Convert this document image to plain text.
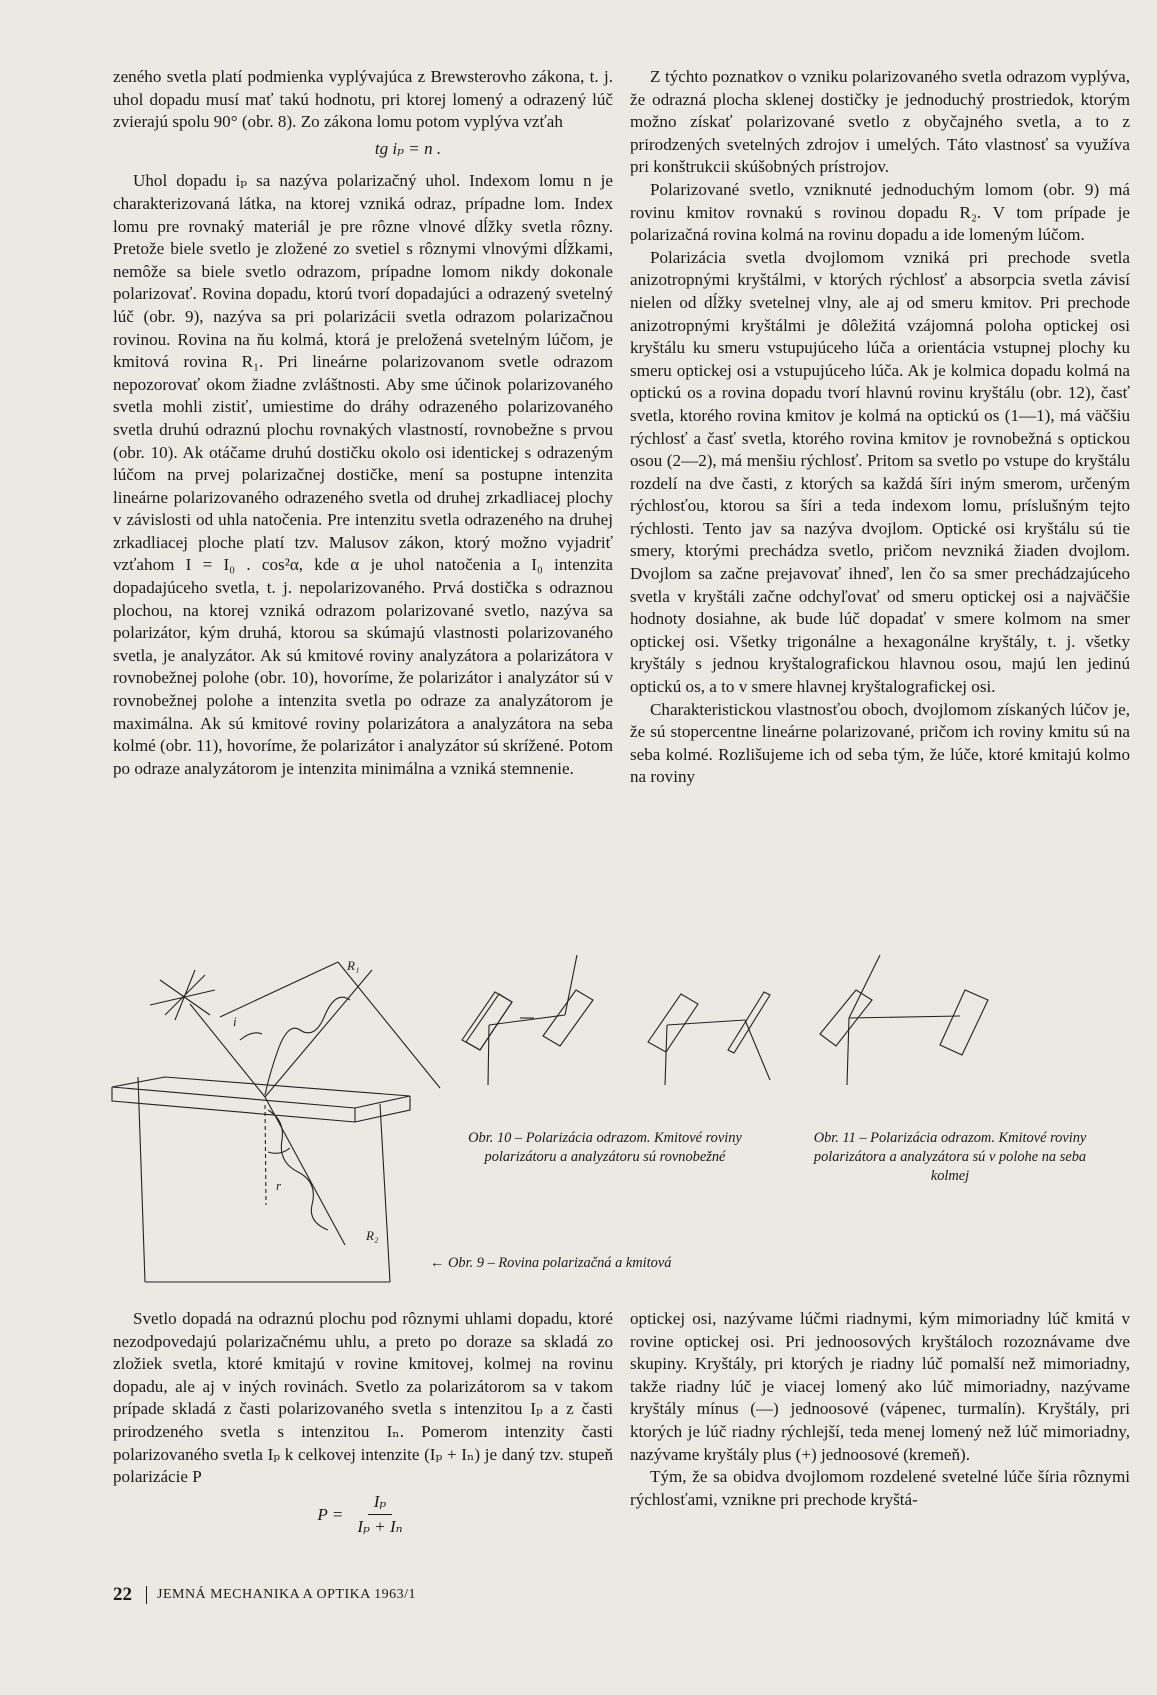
zeného svetla platí podmienka vyplývajúca z Brewsterovho zákona, t. j. uhol dopadu musí mať takú hodnotu, pri ktorej lomený a odrazený lúč zvierajú spolu 90° (obr. 8). Zo zákona lomu potom vyplýva vzťah

tg iₚ = n .

Uhol dopadu iₚ sa nazýva polarizačný uhol. Indexom lomu n je charakterizovaná látka, na ktorej vzniká odraz, prípadne lom. Index lomu pre rovnaký materiál je pre rôzne vlnové dĺžky svetla rôzny. Pretože biele svetlo je zložené zo svetiel s rôznymi vlnovými dĺžkami, nemôže sa biele svetlo odrazom, prípadne lomom nikdy dokonale polarizovať. Rovina dopadu, ktorú tvorí dopadajúci a odrazený svetelný lúč (obr. 9), nazýva sa pri polarizácii svetla odrazom polarizačnou rovinou. Rovina na ňu kolmá, ktorá je preložená svetelným lúčom, je kmitová rovina R₁. Pri lineárne polarizovanom svetle odrazom nepozorovať okom žiadne zvláštnosti. Aby sme účinok polarizovaného svetla mohli zistiť, umiestime do dráhy odrazeného polarizovaného svetla druhú odraznú plochu rovnakých vlastností, rovnobežne s prvou (obr. 10). Ak otáčame druhú dostičku okolo osi identickej s odrazeným lúčom na prvej polarizačnej dostičke, mení sa postupne intenzita lineárne polarizovaného odrazeného svetla od druhej zrkadliacej plochy v závislosti od uhla natočenia. Pre intenzitu svetla odrazeného na druhej zrkadliacej ploche platí tzv. Malusov zákon, ktorý možno vyjadriť vzťahom I = I₀ . cos²α, kde α je uhol natočenia a I₀ intenzita dopadajúceho svetla, t. j. nepolarizovaného. Prvá dostička s odraznou plochou, na ktorej vzniká odrazom polarizované svetlo, nazýva sa polarizátor, kým druhá, ktorou sa skúmajú vlastnosti polarizovaného svetla, je analyzátor. Ak sú kmitové roviny analyzátora a polarizátora v rovnobežnej polohe (obr. 10), hovoríme, že polarizátor i analyzátor sú v rovnobežnej polohe a intenzita svetla po odraze za analyzátorom je maximálna. Ak sú kmitové roviny polarizátora a analyzátora na seba kolmé (obr. 11), hovoríme, že polarizátor i analyzátor sú skrížené. Potom po odraze analyzátorom je intenzita minimálna a vzniká stemnenie.

Z týchto poznatkov o vzniku polarizovaného svetla odrazom vyplýva, že odrazná plocha sklenej dostičky je jednoduchý prostriedok, ktorým možno získať polarizované svetlo z obyčajného svetla, a to z prirodzených svetelných zdrojov i umelých. Táto vlastnosť sa využíva pri konštrukcii skúšobných prístrojov.

Polarizované svetlo, vzniknuté jednoduchým lomom (obr. 9) má rovinu kmitov rovnakú s rovinou dopadu R₂. V tom prípade je polarizačná rovina kolmá na rovinu dopadu a ide lomeným lúčom.

Polarizácia svetla dvojlomom vzniká pri prechode svetla anizotropnými kryštálmi, v ktorých rýchlosť a absorpcia svetla závisí nielen od dĺžky svetelnej vlny, ale aj od smeru kmitov. Pri prechode anizotropnými kryštálmi je dôležitá vzájomná poloha optickej osi kryštálu ku smeru vstupujúceho lúča a orientácia vstupnej plochy ku smeru optickej osi a vstupujúceho lúča. Ak je kolmica dopadu kolmá na optickú os a rovina dopadu tvorí hlavnú rovinu kryštálu (obr. 12), časť svetla, ktorého rovina kmitov je kolmá na optickú os (1—1), má väčšiu rýchlosť a časť svetla, ktorého rovina kmitov je rovnobežná s optickou osou (2—2), má menšiu rýchlosť. Pritom sa svetlo po vstupe do kryštálu rozdelí na dve časti, z ktorých sa každá šíri iným smerom, určeným rýchlosťou, ktorou sa šíri a teda indexom lomu, príslušným tejto rýchlosti. Tento jav sa nazýva dvojlom. Optické osi kryštálu sú tie smery, ktorými prechádza svetlo, pričom nevzniká žiaden dvojlom. Dvojlom sa začne prejavovať ihneď, len čo sa smer prechádzajúceho svetla v kryštáli začne odchyľovať od smeru optickej osi a najväčšie hodnoty dosiahne, ak bude lúč dopadať v smere kolmom na smer optickej osi. Všetky trigonálne a hexagonálne kryštály, t. j. všetky kryštály s jednou kryštalografickou hlavnou osou, majú len jedinú optickú os, a to v smere hlavnej kryštalografickej osi.

Charakteristickou vlastnosťou oboch, dvojlomom získaných lúčov je, že sú stopercentne lineárne polarizované, pričom ich roviny kmitu sú na seba kolmé. Rozlišujeme ich od seba tým, že lúče, ktoré kmitajú kolmo na roviny

R₁
R₂
i
r
Obr. 10 – Polarizácia odrazom. Kmitové roviny polarizátoru a analyzátoru sú rovnobežné
Obr. 11 – Polarizácia odrazom. Kmitové roviny polarizátora a analyzátora sú v polohe na seba kolmej
← Obr. 9 – Rovina polarizačná a kmitová

Svetlo dopadá na odraznú plochu pod rôznymi uhlami dopadu, ktoré nezodpovedajú polarizačnému uhlu, a preto po doraze sa skladá zo zložiek svetla, ktoré kmitajú v rovine kmitovej, kolmej na rovinu dopadu, ale aj v iných rovinách. Svetlo za polarizátorom sa v takom prípade skladá z časti polarizovaného svetla s intenzitou Iₚ a z časti prirodzeného svetla s intenzitou Iₙ. Pomerom intenzity časti polarizovaného svetla Iₚ k celkovej intenzite (Iₚ + Iₙ) je daný tzv. stupeň polarizácie P

$P = \frac{\text{Iₚ}}{\text{Iₚ + Iₙ}}$

optickej osi, nazývame lúčmi riadnymi, kým mimoriadny lúč kmitá v rovine optickej osi. Pri jednoosových kryštáloch rozoznávame dve skupiny. Kryštály, pri ktorých je riadny lúč pomalší než mimoriadny, takže riadny lúč je viacej lomený ako lúč mimoriadny, nazývame kryštály mínus (—) jednoosové (vápenec, turmalín). Kryštály, pri ktorých je lúč riadny rýchlejší, teda menej lomený než lúč mimoriadny, nazývame kryštály plus (+) jednoosové (kremeň).

Tým, že sa obidva dvojlomom rozdelené svetelné lúče šíria rôznymi rýchlosťami, vznikne pri prechode kryštá-

22 JEMNÁ MECHANIKA A OPTIKA 1963/1
